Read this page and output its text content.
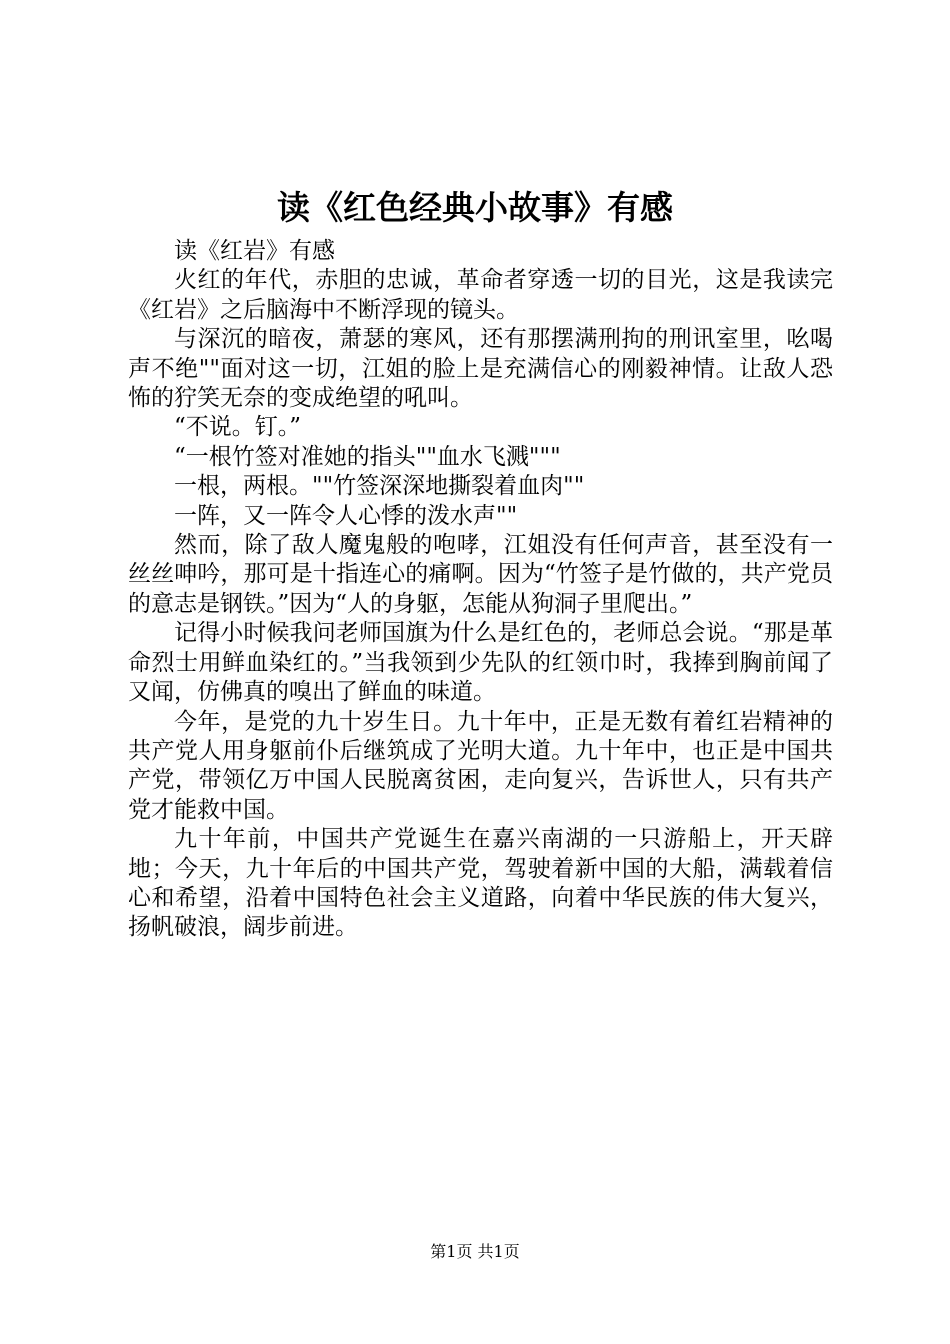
读《红色经典小故事》有感

读《红岩》有感

火红的年代，赤胆的忠诚，革命者穿透一切的目光，这是我读完《红岩》之后脑海中不断浮现的镜头。

与深沉的暗夜，萧瑟的寒风，还有那摆满刑拘的刑讯室里，吆喝声不绝""面对这一切，江姐的脸上是充满信心的刚毅神情。让敌人恐怖的狞笑无奈的变成绝望的吼叫。

“不说。钉。”

“一根竹签对准她的指头""血水飞溅"""

一根，两根。""竹签深深地撕裂着血肉""

一阵，又一阵令人心悸的泼水声""

然而，除了敌人魔鬼般的咆哮，江姐没有任何声音，甚至没有一丝丝呻吟，那可是十指连心的痛啊。因为“竹签子是竹做的，共产党员的意志是钢铁。”因为“人的身躯，怎能从狗洞子里爬出。”

记得小时候我问老师国旗为什么是红色的，老师总会说。“那是革命烈士用鲜血染红的。”当我领到少先队的红领巾时，我捧到胸前闻了又闻，仿佛真的嗅出了鲜血的味道。

今年，是党的九十岁生日。九十年中，正是无数有着红岩精神的共产党人用身躯前仆后继筑成了光明大道。九十年中，也正是中国共产党，带领亿万中国人民脱离贫困，走向复兴，告诉世人，只有共产党才能救中国。

九十年前，中国共产党诞生在嘉兴南湖的一只游船上，开天辟地；今天，九十年后的中国共产党，驾驶着新中国的大船，满载着信心和希望，沿着中国特色社会主义道路，向着中华民族的伟大复兴，扬帆破浪，阔步前进。

第1页 共1页
